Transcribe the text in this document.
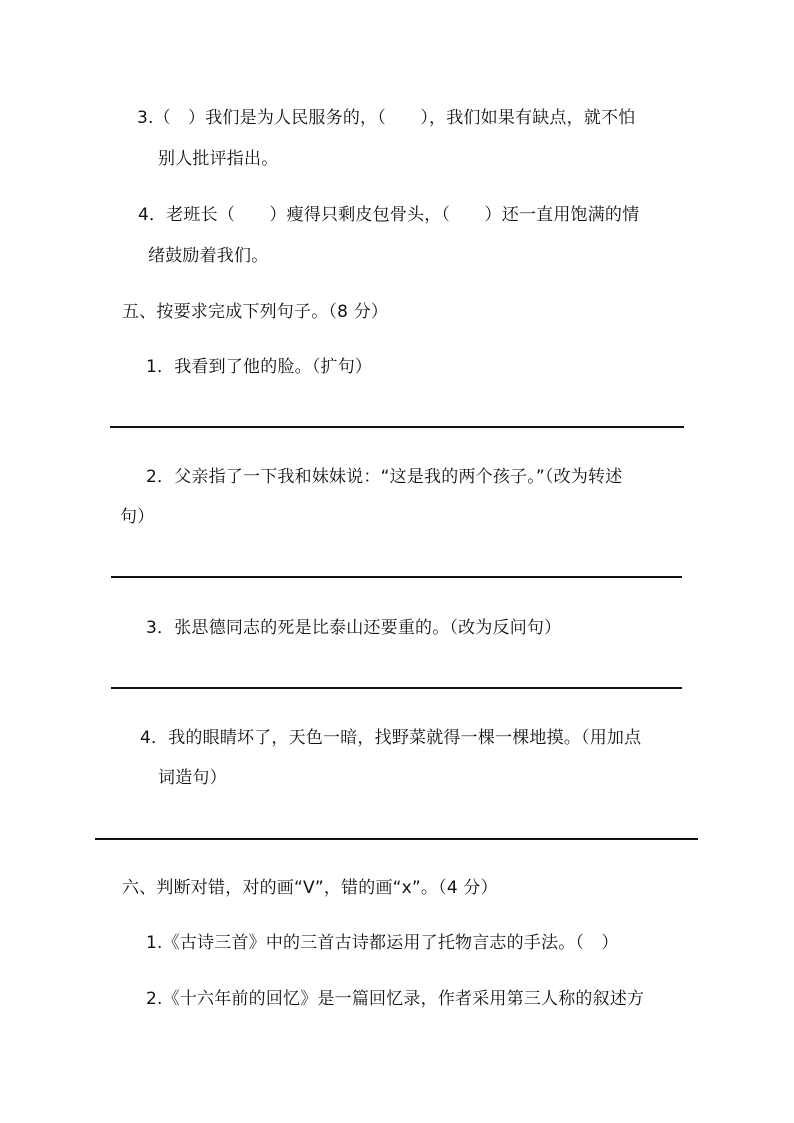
3.（　）我们是为人民服务的，（　　），我们如果有缺点，就不怕
别人批评指出。
4．老班长（　　）瘦得只剩皮包骨头，（　　）还一直用饱满的情
绪鼓励着我们。
五、按要求完成下列句子。（8 分）
1．我看到了他的脸。（扩句）
2．父亲指了一下我和妹妹说：“这是我的两个孩子。”（改为转述
句）
3．张思德同志的死是比泰山还要重的。（改为反问句）
4．我的眼睛坏了，天色一暗，找野菜就得一棵一棵地摸。（用加点
词造句）
六、判断对错，对的画“V”，错的画“x”。（4 分）
1.《古诗三首》中的三首古诗都运用了托物言志的手法。（　）
2.《十六年前的回忆》是一篇回忆录，作者采用第三人称的叙述方
